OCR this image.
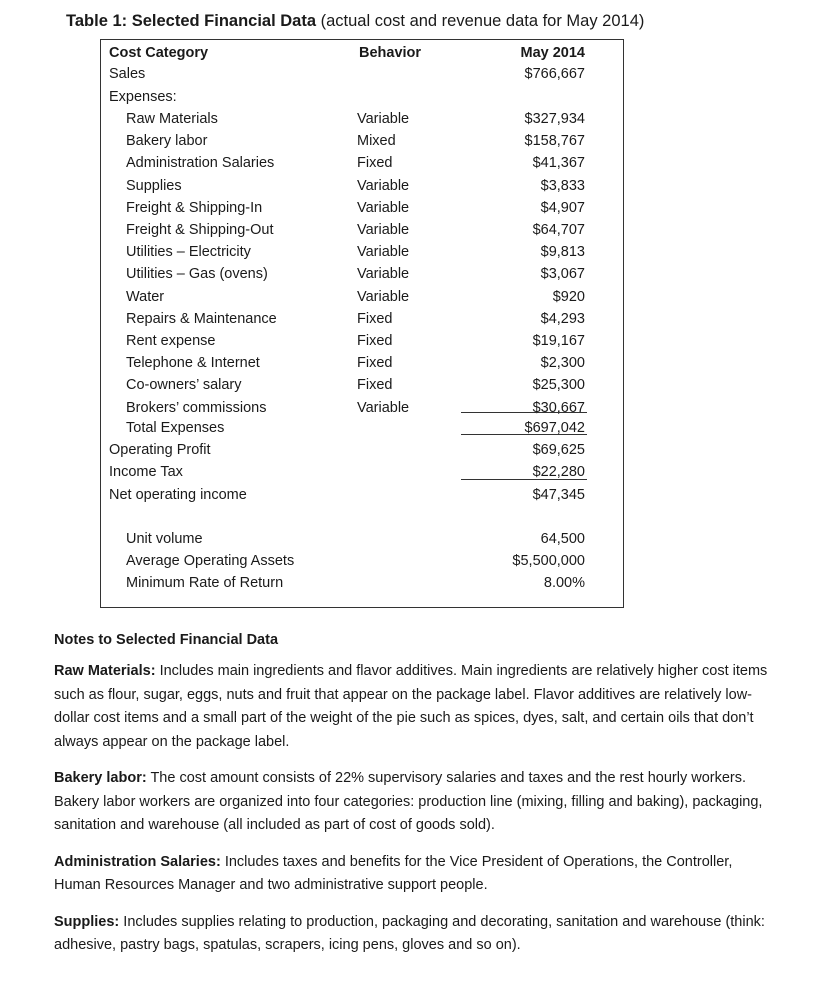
Table 1: Selected Financial Data (actual cost and revenue data for May 2014)
Cost Category	Behavior	May 2014
Sales	$766,667
Expenses:
Raw Materials	Variable	$327,934
Bakery labor	Mixed	$158,767
Administration Salaries	Fixed	$41,367
Supplies	Variable	$3,833
Freight & Shipping-In	Variable	$4,907
Freight & Shipping-Out	Variable	$64,707
Utilities – Electricity	Variable	$9,813
Utilities – Gas (ovens)	Variable	$3,067
Water	Variable	$920
Repairs & Maintenance	Fixed	$4,293
Rent expense	Fixed	$19,167
Telephone & Internet	Fixed	$2,300
Co-owners’ salary	Fixed	$25,300
Brokers’ commissions	Variable	$30,667
Total Expenses	$697,042
Operating Profit	$69,625
Income Tax	$22,280
Net operating income	$47,345
Unit volume	64,500
Average Operating Assets	$5,500,000
Minimum Rate of Return	8.00%
Notes to Selected Financial Data
Raw Materials: Includes main ingredients and flavor additives. Main ingredients are relatively higher cost items such as flour, sugar, eggs, nuts and fruit that appear on the package label. Flavor additives are relatively low-dollar cost items and a small part of the weight of the pie such as spices, dyes, salt, and certain oils that don’t always appear on the package label.
Bakery labor: The cost amount consists of 22% supervisory salaries and taxes and the rest hourly workers. Bakery labor workers are organized into four categories: production line (mixing, filling and baking), packaging, sanitation and warehouse (all included as part of cost of goods sold).
Administration Salaries: Includes taxes and benefits for the Vice President of Operations, the Controller, Human Resources Manager and two administrative support people.
Supplies: Includes supplies relating to production, packaging and decorating, sanitation and warehouse (think: adhesive, pastry bags, spatulas, scrapers, icing pens, gloves and so on).
